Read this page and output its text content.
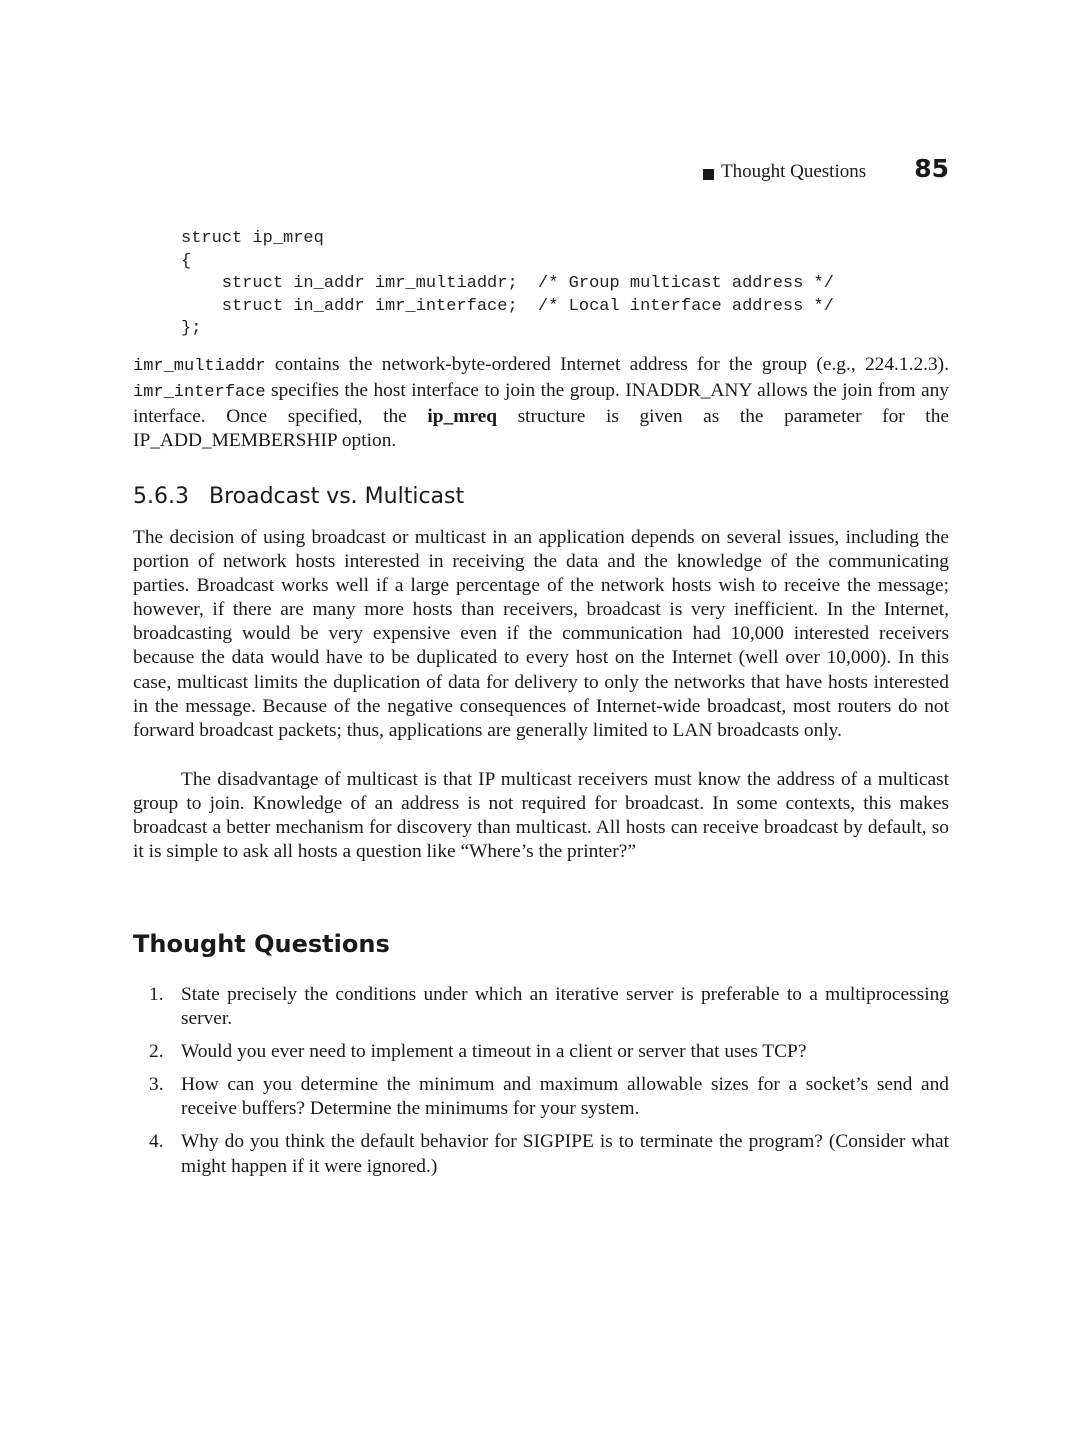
Thought Questions 85
struct ip_mreq
{
struct in_addr imr_multiaddr;  /* Group multicast address */
struct in_addr imr_interface;  /* Local interface address */
};

imr_multiaddr contains the network-byte-ordered Internet address for the group (e.g., 224.1.2.3). imr_interface specifies the host interface to join the group. INADDR_ANY allows the join from any interface. Once specified, the ip_mreq structure is given as the parameter for the IP_ADD_MEMBERSHIP option.

5.6.3 Broadcast vs. Multicast

The decision of using broadcast or multicast in an application depends on several issues, including the portion of network hosts interested in receiving the data and the knowledge of the communicating parties. Broadcast works well if a large percentage of the network hosts wish to receive the message; however, if there are many more hosts than receivers, broadcast is very inefficient. In the Internet, broadcasting would be very expensive even if the communication had 10,000 interested receivers because the data would have to be duplicated to every host on the Internet (well over 10,000). In this case, multicast limits the duplication of data for delivery to only the networks that have hosts interested in the message. Because of the negative consequences of Internet-wide broadcast, most routers do not forward broadcast packets; thus, applications are generally limited to LAN broadcasts only.

The disadvantage of multicast is that IP multicast receivers must know the address of a multicast group to join. Knowledge of an address is not required for broadcast. In some contexts, this makes broadcast a better mechanism for discovery than multicast. All hosts can receive broadcast by default, so it is simple to ask all hosts a question like “Where’s the printer?”

Thought Questions
1. State precisely the conditions under which an iterative server is preferable to a multiprocessing server.
2. Would you ever need to implement a timeout in a client or server that uses TCP?
3. How can you determine the minimum and maximum allowable sizes for a socket’s send and receive buffers? Determine the minimums for your system.
4. Why do you think the default behavior for SIGPIPE is to terminate the program? (Consider what might happen if it were ignored.)
